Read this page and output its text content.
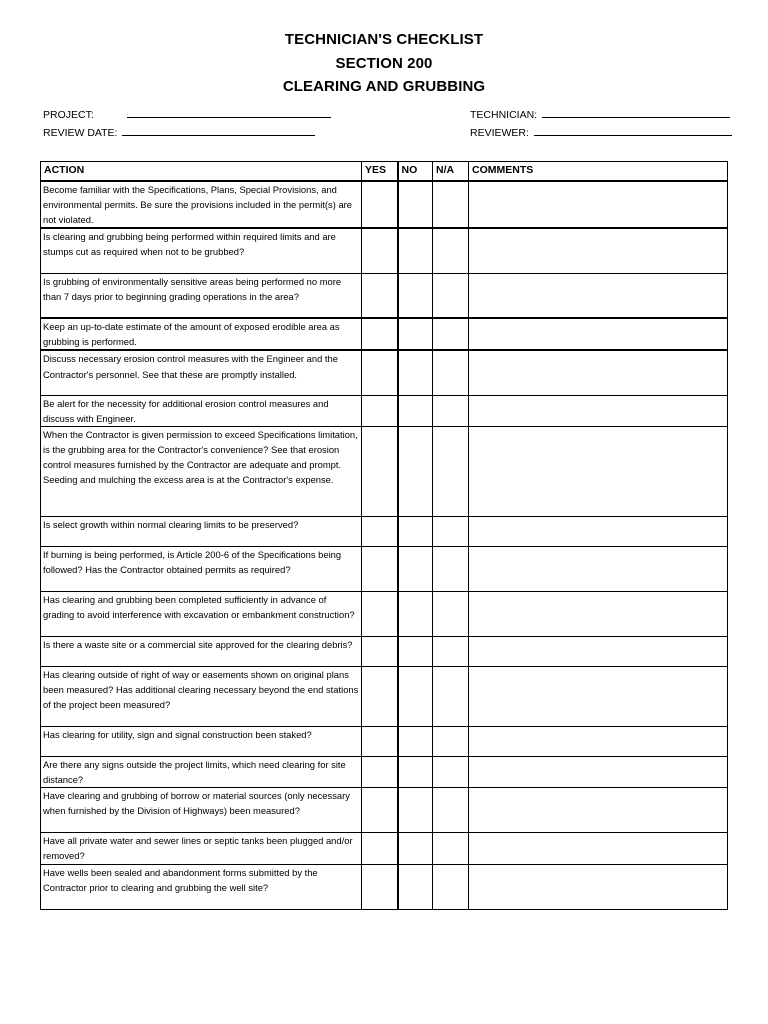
TECHNICIAN'S CHECKLIST
SECTION 200
CLEARING AND GRUBBING
PROJECT:
REVIEW DATE:
TECHNICIAN:
REVIEWER:
ACTION	YES	NO	N/A	COMMENTS
Become familiar with the Specifications, Plans, Special Provisions, and environmental permits. Be sure the provisions included in the permit(s) are not violated.				
Is clearing and grubbing being performed within required limits and are stumps cut as required when not to be grubbed?				
Is grubbing of environmentally sensitive areas being performed no more than 7 days prior to beginning grading operations in the area?				
Keep an up-to-date estimate of the amount of exposed erodible area as grubbing is performed.				
Discuss necessary erosion control measures with the Engineer and the Contractor's personnel. See that these are promptly installed.				
Be alert for the necessity for additional erosion control measures and discuss with Engineer.				
When the Contractor is given permission to exceed Specifications limitation, is the grubbing area for the Contractor's convenience? See that erosion control measures furnished by the Contractor are adequate and prompt. Seeding and mulching the excess area is at the Contractor's expense.				
Is select growth within normal clearing limits to be preserved?				
If burning is being performed, is Article 200-6 of the Specifications being followed? Has the Contractor obtained permits as required?				
Has clearing and grubbing been completed sufficiently in advance of grading to avoid interference with excavation or embankment construction?				
Is there a waste site or a commercial site approved for the clearing debris?				
Has clearing outside of right of way or easements shown on original plans been measured? Has additional clearing necessary beyond the end stations of the project been measured?				
Has clearing for utility, sign and signal construction been staked?				
Are there any signs outside the project limits, which need clearing for site distance?				
Have clearing and grubbing of borrow or material sources (only necessary when furnished by the Division of Highways) been measured?				
Have all private water and sewer lines or septic tanks been plugged and/or removed?				
Have wells been sealed and abandonment forms submitted by the Contractor prior to clearing and grubbing the well site?				
